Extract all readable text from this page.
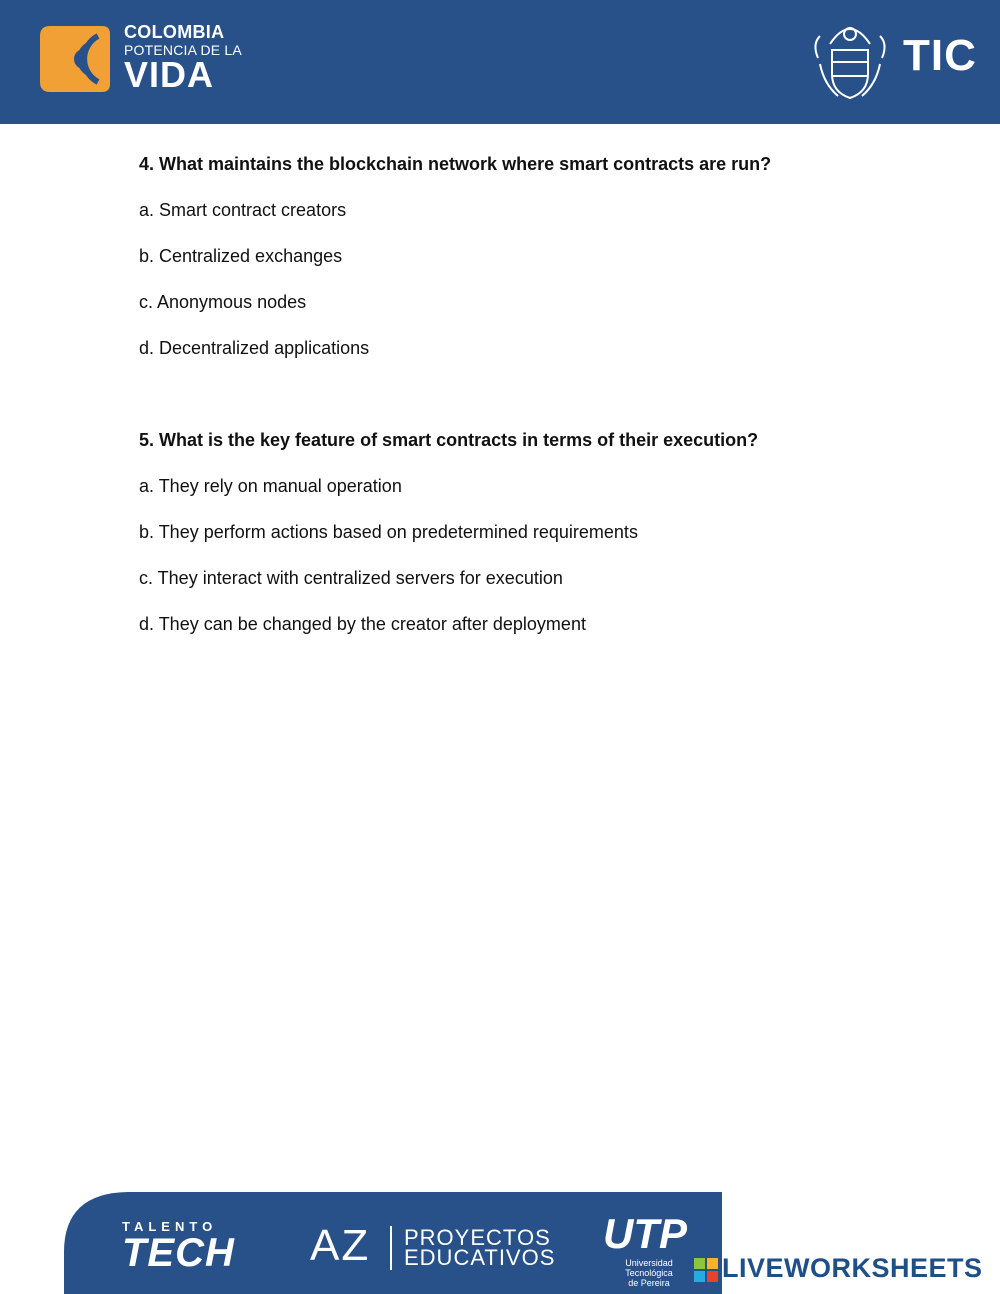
COLOMBIA
POTENCIA DE LA
VIDA	TIC
4. What maintains the blockchain network where smart contracts are run?
a. Smart contract creators
b. Centralized exchanges
c. Anonymous nodes
d. Decentralized applications
5. What is the key feature of smart contracts in terms of their execution?
a. They rely on manual operation
b. They perform actions based on predetermined requirements
c. They interact with centralized servers for execution
d. They can be changed by the creator after deployment
TALENTO
TECH AZ PROYECTOS
EDUCATIVOS
UTP
Universidad Tecnológica
de Pereira	LIVEWORKSHEETS
